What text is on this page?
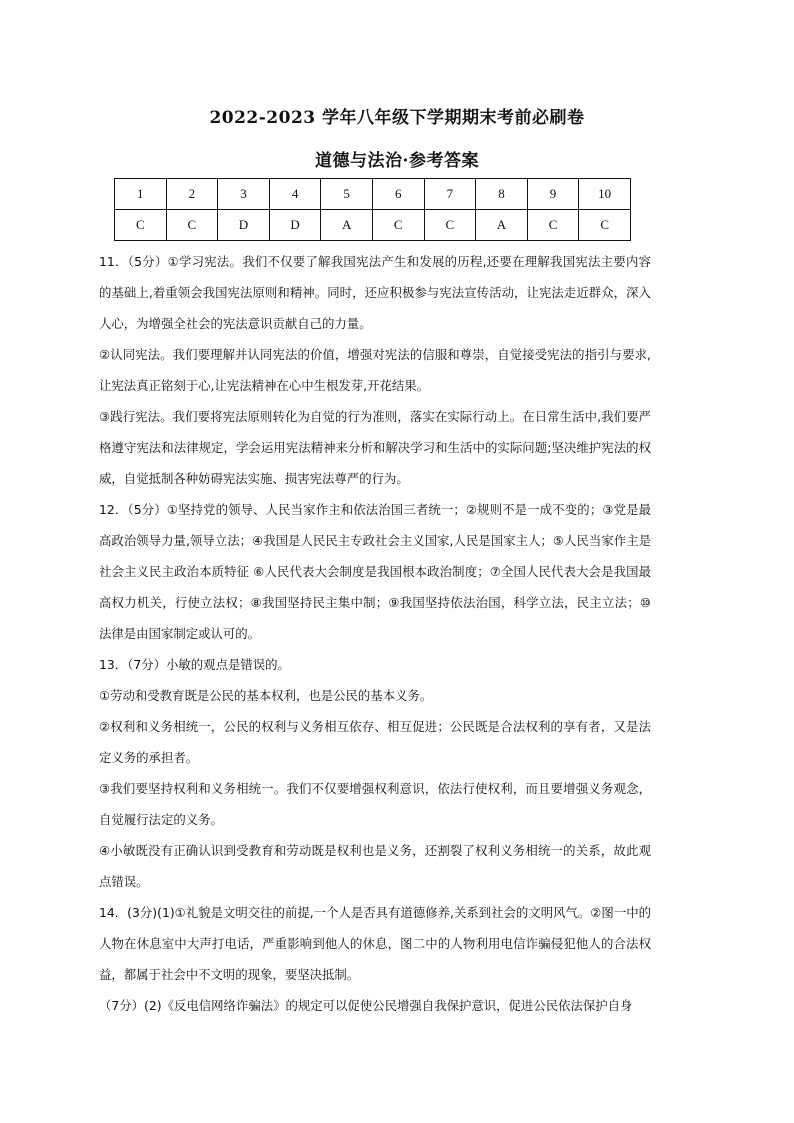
2022-2023 学年八年级下学期期末考前必刷卷
道德与法治·参考答案
1	2	3	4	5	6	7	8	9	10
C	C	D	D	A	C	C	A	C	C

11．（5分）①学习宪法。我们不仅要了解我国宪法产生和发展的历程,还要在理解我国宪法主要内容的基础上,着重领会我国宪法原则和精神。同时，还应积极参与宪法宣传活动，让宪法走近群众，深入人心，为增强全社会的宪法意识贡献自己的力量。

②认同宪法。我们要理解并认同宪法的价值，增强对宪法的信服和尊崇，自觉接受宪法的指引与要求,让宪法真正铭刻于心,让宪法精神在心中生根发芽,开花结果。

③践行宪法。我们要将宪法原则转化为自觉的行为准则，落实在实际行动上。在日常生活中,我们要严格遵守宪法和法律规定，学会运用宪法精神来分析和解决学习和生活中的实际问题;坚决维护宪法的权威，自觉抵制各种妨碍宪法实施、损害宪法尊严的行为。

12．（5分）①坚持党的领导、人民当家作主和依法治国三者统一；②规则不是一成不变的；③党是最高政治领导力量,领导立法；④我国是人民民主专政社会主义国家,人民是国家主人；⑤人民当家作主是社会主义民主政治本质特征 ⑥人民代表大会制度是我国根本政治制度；⑦全国人民代表大会是我国最高权力机关，行使立法权；⑧我国坚持民主集中制；⑨我国坚持依法治国，科学立法，民主立法；⑩法律是由国家制定或认可的。

13．（7分）小敏的观点是错误的。

①劳动和受教育既是公民的基本权利，也是公民的基本义务。

②权利和义务相统一，公民的权利与义务相互依存、相互促进；公民既是合法权利的享有者，又是法定义务的承担者。

③我们要坚持权利和义务相统一。我们不仅要增强权利意识，依法行使权利，而且要增强义务观念，自觉履行法定的义务。

④小敏既没有正确认识到受教育和劳动既是权利也是义务，还割裂了权利义务相统一的关系，故此观点错误。

14．(3分)(1)①礼貌是文明交往的前提,一个人是否具有道德修养,关系到社会的文明风气。②图一中的人物在休息室中大声打电话，严重影响到他人的休息，图二中的人物利用电信诈骗侵犯他人的合法权益，都属于社会中不文明的现象，要坚决抵制。

（7分）(2)《反电信网络诈骗法》的规定可以促使公民增强自我保护意识，促进公民依法保护自身
